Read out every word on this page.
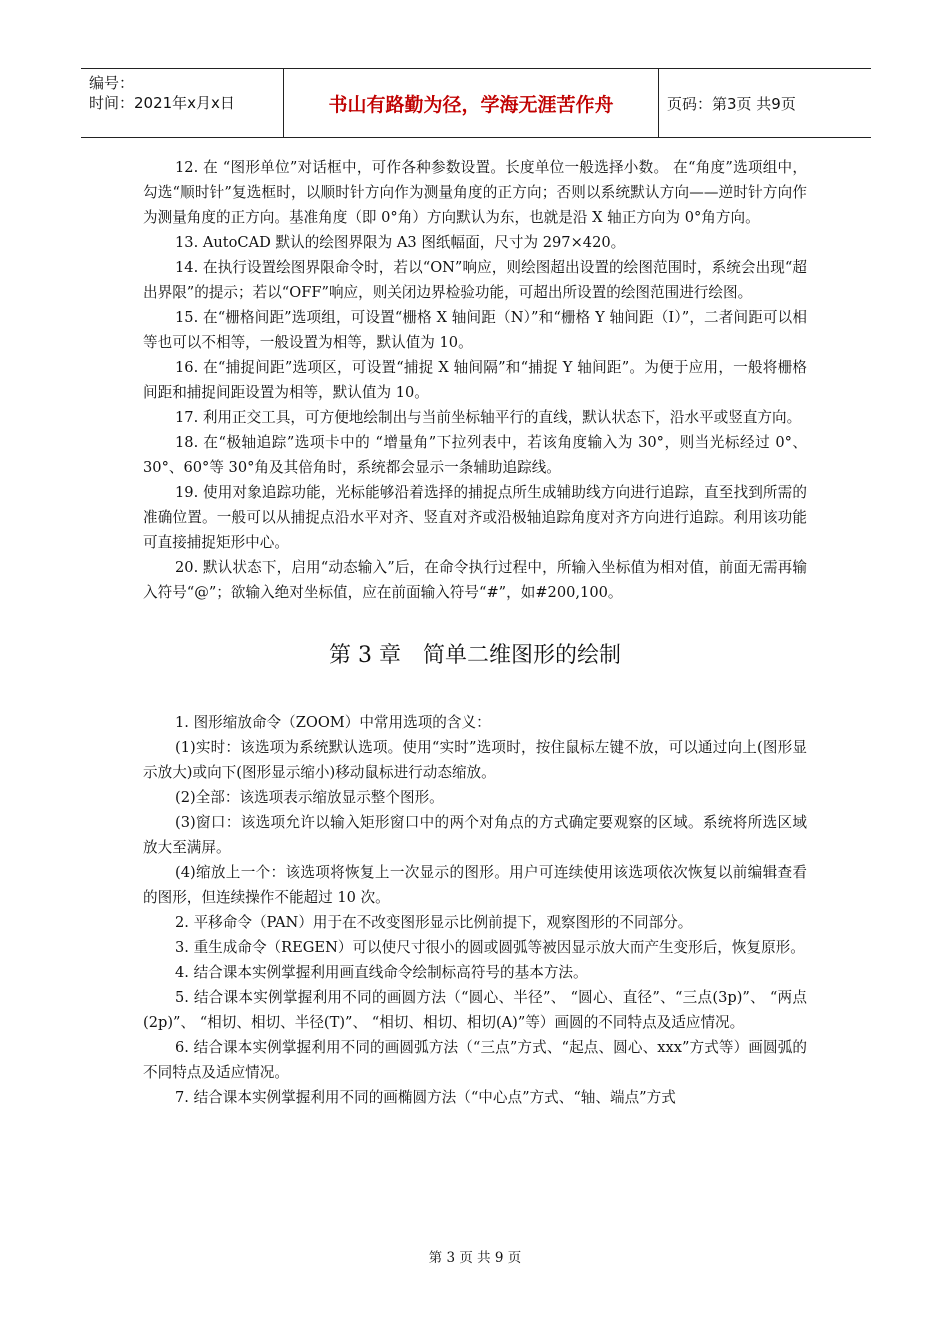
编号：
时间：2021年x月x日	书山有路勤为径，学海无涯苦作舟	页码：第3页 共9页

12. 在 “图形单位”对话框中，可作各种参数设置。长度单位一般选择小数。 在“角度”选项组中，勾选“顺时针”复选框时，以顺时针方向作为测量角度的正方向；否则以系统默认方向——逆时针方向作为测量角度的正方向。基准角度（即 0°角）方向默认为东，也就是沿 X 轴正方向为 0°角方向。

13. AutoCAD 默认的绘图界限为 A3 图纸幅面，尺寸为 297×420。

14. 在执行设置绘图界限命令时，若以“ON”响应，则绘图超出设置的绘图范围时，系统会出现“超出界限”的提示；若以“OFF”响应，则关闭边界检验功能，可超出所设置的绘图范围进行绘图。

15. 在“栅格间距”选项组，可设置“栅格 X 轴间距（N）”和“栅格 Y 轴间距（I）”，二者间距可以相等也可以不相等，一般设置为相等，默认值为 10。

16. 在“捕捉间距”选项区，可设置“捕捉 X 轴间隔”和“捕捉 Y 轴间距”。为便于应用，一般将栅格间距和捕捉间距设置为相等，默认值为 10。

17. 利用正交工具，可方便地绘制出与当前坐标轴平行的直线，默认状态下，沿水平或竖直方向。

18. 在“极轴追踪”选项卡中的 “增量角”下拉列表中，若该角度输入为 30°，则当光标经过 0°、30°、60°等 30°角及其倍角时，系统都会显示一条辅助追踪线。

19. 使用对象追踪功能，光标能够沿着选择的捕捉点所生成辅助线方向进行追踪，直至找到所需的准确位置。一般可以从捕捉点沿水平对齐、竖直对齐或沿极轴追踪角度对齐方向进行追踪。利用该功能可直接捕捉矩形中心。

20. 默认状态下，启用“动态输入”后，在命令执行过程中，所输入坐标值为相对值，前面无需再输入符号“@”；欲输入绝对坐标值，应在前面输入符号“#”，如#200,100。

第 3 章　简单二维图形的绘制

1. 图形缩放命令（ZOOM）中常用选项的含义：

(1)实时：该选项为系统默认选项。使用“实时”选项时，按住鼠标左键不放，可以通过向上(图形显示放大)或向下(图形显示缩小)移动鼠标进行动态缩放。

(2)全部：该选项表示缩放显示整个图形。

(3)窗口：该选项允许以输入矩形窗口中的两个对角点的方式确定要观察的区域。系统将所选区域放大至满屏。

(4)缩放上一个：该选项将恢复上一次显示的图形。用户可连续使用该选项依次恢复以前编辑查看的图形，但连续操作不能超过 10 次。

2. 平移命令（PAN）用于在不改变图形显示比例前提下，观察图形的不同部分。

3. 重生成命令（REGEN）可以使尺寸很小的圆或圆弧等被因显示放大而产生变形后，恢复原形。

4. 结合课本实例掌握利用画直线命令绘制标高符号的基本方法。

5. 结合课本实例掌握利用不同的画圆方法（“圆心、半径”、 “圆心、直径”、“三点(3p)”、 “两点(2p)”、 “相切、相切、半径(T)”、 “相切、相切、相切(A)”等）画圆的不同特点及适应情况。

6. 结合课本实例掌握利用不同的画圆弧方法（“三点”方式、“起点、圆心、xxx”方式等）画圆弧的不同特点及适应情况。

7. 结合课本实例掌握利用不同的画椭圆方法（“中心点”方式、“轴、端点”方式

第 3 页 共 9 页
